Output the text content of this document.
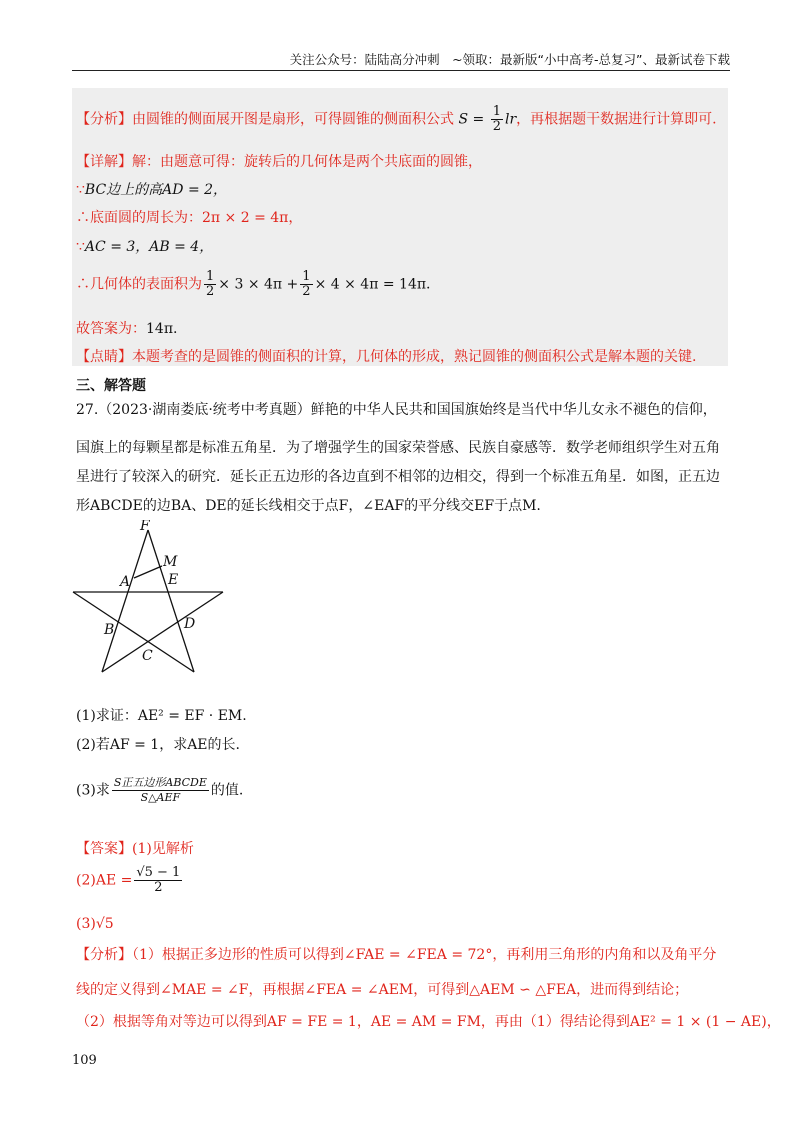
关注公众号：陆陆高分冲刺　~领取：最新版“小中高考-总复习”、最新试卷下载
【分析】由圆锥的侧面展开图是扇形，可得圆锥的侧面积公式 $S = \frac{1}{2}$ lr，再根据题干数据进行计算即可.
【详解】解：由题意可得：旋转后的几何体是两个共底面的圆锥，
∵BC边上的高AD = 2，
∴底面圆的周长为：2π × 2 = 4π，
∵AC = 3，AB = 4，
∴几何体的表面积为 $\frac{1}{2} \times 3 \times 4\pi + \frac{1}{2} \times 4 \times 4\pi = 14\pi$.
故答案为：14π.
【点睛】本题考查的是圆锥的侧面积的计算，几何体的形成，熟记圆锥的侧面积公式是解本题的关键.
三、解答题
27.（2023·湖南娄底·统考中考真题）鲜艳的中华人民共和国国旗始终是当代中华儿女永不褪色的信仰，
国旗上的每颗星都是标准五角星．为了增强学生的国家荣誉感、民族自豪感等．数学老师组织学生对五角
星进行了较深入的研究．延长正五边形的各边直到不相邻的边相交，得到一个标准五角星．如图，正五边
形ABCDE的边BA、DE的延长线相交于点F，∠EAF的平分线交EF于点M.
F
M
A	E
B	D
C
(1)求证：AE² = EF · EM.
(2)若AF = 1，求AE的长.
(3)求 $\frac{\text{S正五边形ABCDE}}{\text{S△AEF}}$ 的值.
【答案】(1)见解析
$(2)AE = \frac{√5 - 1}{2}$
(3)√5
【分析】（1）根据正多边形的性质可以得到∠FAE = ∠FEA = 72°，再利用三角形的内角和以及角平分
线的定义得到∠MAE = ∠F，再根据∠FEA = ∠AEM，可得到△AEM ∽ △FEA，进而得到结论；
（2）根据等角对等边可以得到AF = FE = 1，AE = AM = FM，再由（1）得结论得到AE² = 1 × (1 − AE)，
109
